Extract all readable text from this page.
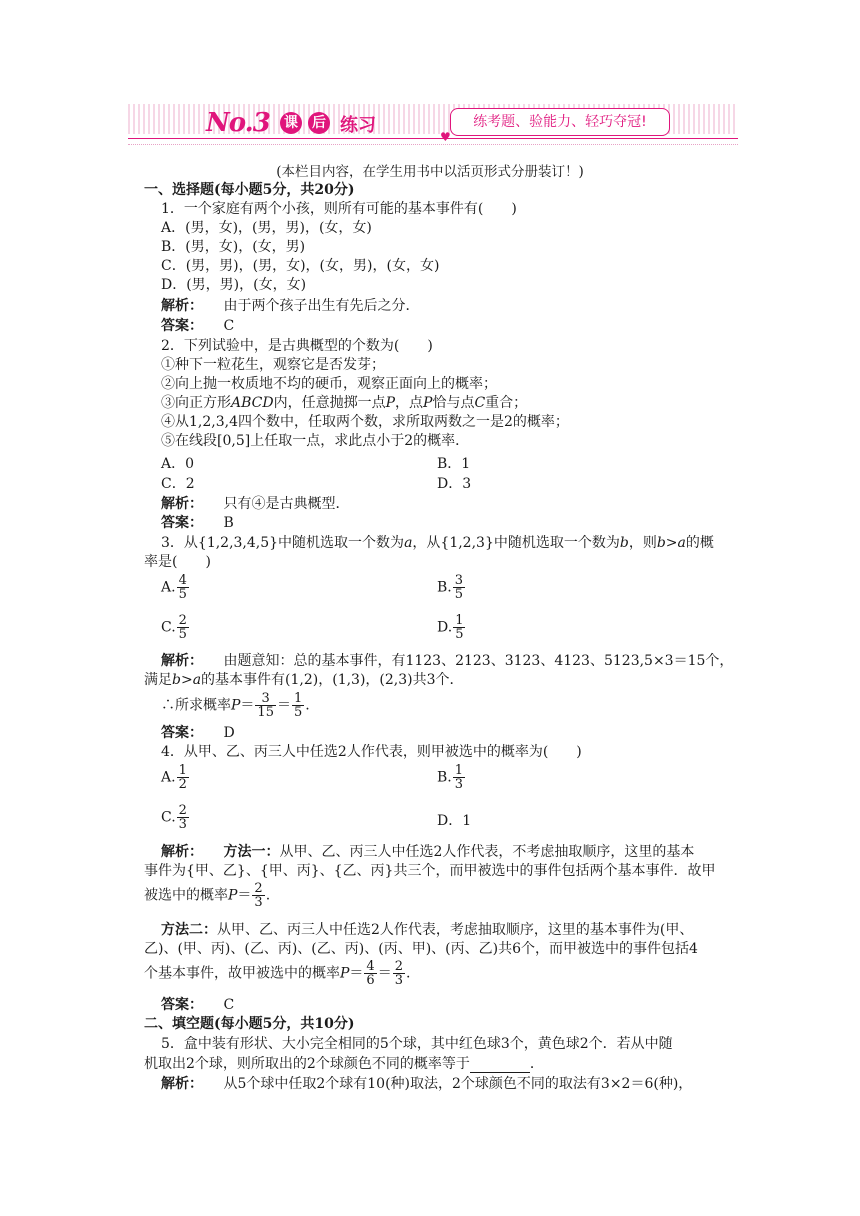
No.3 课 后 练习	练考题、验能力、轻巧夺冠!
♥
(本栏目内容，在学生用书中以活页形式分册装订！)
一、选择题(每小题5分，共20分)
1．一个家庭有两个小孩，则所有可能的基本事件有(　　)
A．(男，女)，(男，男)，(女，女)
B．(男，女)，(女，男)
C．(男，男)，(男，女)，(女，男)，(女，女)
D．(男，男)，(女，女)
解析： 由于两个孩子出生有先后之分．
答案： C
2．下列试验中，是古典概型的个数为(　　)
①种下一粒花生，观察它是否发芽；
②向上抛一枚质地不均的硬币，观察正面向上的概率；
③向正方形ABCD内，任意抛掷一点P，点P恰与点C重合；
④从1,2,3,4四个数中，任取两个数，求所取两数之一是2的概率；
⑤在线段[0,5]上任取一点，求此点小于2的概率．
A．0	B．1
C．2	D．3
解析： 只有④是古典概型．
答案： B
3．从{1,2,3,4,5}中随机选取一个数为a，从{1,2,3}中随机选取一个数为b，则b>a的概
率是(　　)
A. $\frac{4}{5}$	B. $\frac{3}{5}$
C. $\frac{2}{5}$	D. $\frac{1}{5}$
解析： 由题意知：总的基本事件，有1123、2123、3123、4123、5123,5×3＝15个，
满足b>a的基本事件有(1,2)，(1,3)，(2,3)共3个．
∴所求概率$P= \frac{3}{15} = \frac{1}{5}$ .
答案： D
4．从甲、乙、丙三人中任选2人作代表，则甲被选中的概率为(　　)
A. $\frac{1}{2}$	B. $\frac{1}{3}$
C. $\frac{2}{3}$	D．1
解析： 方法一：从甲、乙、丙三人中任选2人作代表，不考虑抽取顺序，这里的基本
事件为{甲、乙}、{甲、丙}、{乙、丙}共三个，而甲被选中的事件包括两个基本事件．故甲
被选中的概率$P= \frac{2}{3}$ .
方法二：从甲、乙、丙三人中任选2人作代表，考虑抽取顺序，这里的基本事件为(甲、
乙)、(甲、丙)、(乙、丙)、(乙、丙)、(丙、甲)、(丙、乙)共6个，而甲被选中的事件包括4
个基本事件，故甲被选中的概率$P= \frac{4}{6} = \frac{2}{3}$ .
答案： C
二、填空题(每小题5分，共10分)
5．盒中装有形状、大小完全相同的5个球，其中红色球3个，黄色球2个．若从中随
机取出2个球，则所取出的2个球颜色不同的概率等于	．
解析： 从5个球中任取2个球有10(种)取法，2个球颜色不同的取法有3×2＝6(种)，
